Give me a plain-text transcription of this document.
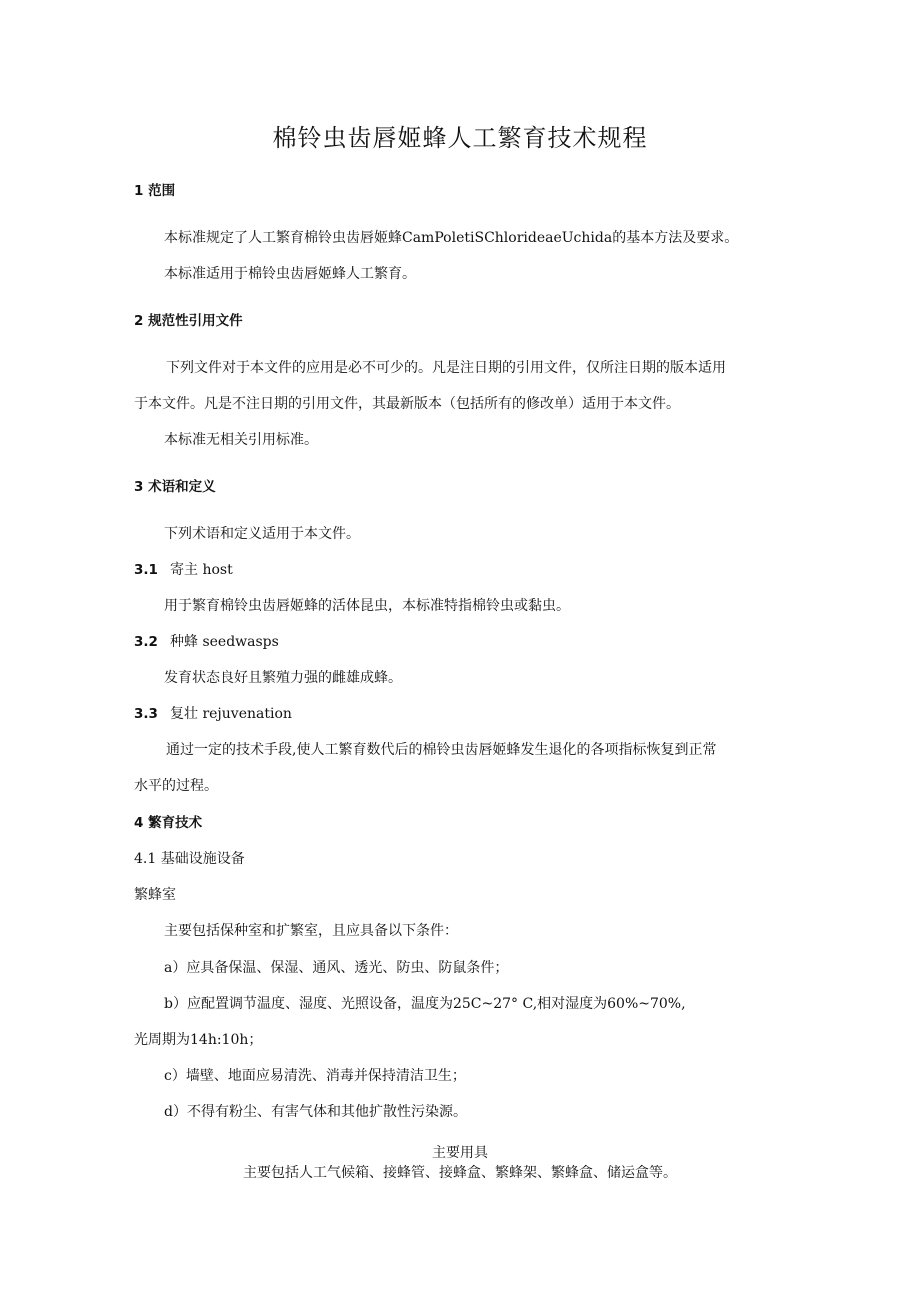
棉铃虫齿唇姬蜂人工繁育技术规程
1 范围
本标准规定了人工繁育棉铃虫齿唇姬蜂CamPoletiSChlorideaeUchida的基本方法及要求。
本标准适用于棉铃虫齿唇姬蜂人工繁育。
2 规范性引用文件
下列文件对于本文件的应用是必不可少的。凡是注日期的引用文件，仅所注日期的版本适用
于本文件。凡是不注日期的引用文件，其最新版本（包括所有的修改单）适用于本文件。
本标准无相关引用标准。
3 术语和定义
下列术语和定义适用于本文件。
3.1 寄主 host
用于繁育棉铃虫齿唇姬蜂的活体昆虫，本标准特指棉铃虫或黏虫。
3.2 种蜂 seedwasps
发育状态良好且繁殖力强的雌雄成蜂。
3.3 复壮 rejuvenation
通过一定的技术手段,使人工繁育数代后的棉铃虫齿唇姬蜂发生退化的各项指标恢复到正常
水平的过程。
4 繁育技术
4.1 基础设施设备
繁蜂室
主要包括保种室和扩繁室，且应具备以下条件：
a）应具备保温、保湿、通风、透光、防虫、防鼠条件；
b）应配置调节温度、湿度、光照设备，温度为25C~27° C,相对湿度为60%~70%,
光周期为14h:10h；
c）墙壁、地面应易清洗、消毒并保持清洁卫生；
d）不得有粉尘、有害气体和其他扩散性污染源。
主要用具
主要包括人工气候箱、接蜂管、接蜂盒、繁蜂架、繁蜂盒、储运盒等。
